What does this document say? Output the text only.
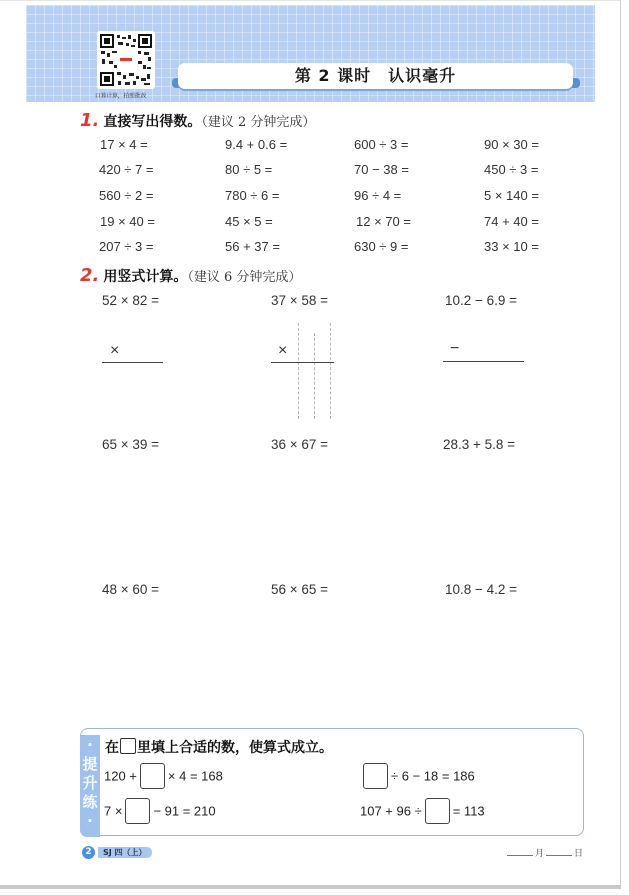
口算计算，拍照批改
第 2 课时　认识毫升
1. 直接写出得数。（建议 2 分钟完成）
17 × 4 =	9.4 + 0.6 =	600 ÷ 3 =	90 × 30 =
420 ÷ 7 =	80 ÷ 5 =	70 − 38 =	450 ÷ 3 =
560 ÷ 2 =	780 ÷ 6 =	96 ÷ 4 =	5 × 140 =
19 × 40 =	45 × 5 =	12 × 70 =	74 + 40 =
207 ÷ 3 =	56 + 37 =	630 ÷ 9 =	33 × 10 =
2. 用竖式计算。（建议 6 分钟完成）
52 × 82 =	37 × 58 =	10.2 − 6.9 =
×	×	−
65 × 39 =	36 × 67 =	28.3 + 5.8 =
48 × 60 =	56 × 65 =	10.8 − 4.2 =
·
提
升
练
·
在 里填上合适的数，使算式成立。
120 + × 4 = 168	÷ 6 − 18 = 186
7 × − 91 = 210	107 + 96 ÷ = 113
2	SJ 四（上）	月	日
